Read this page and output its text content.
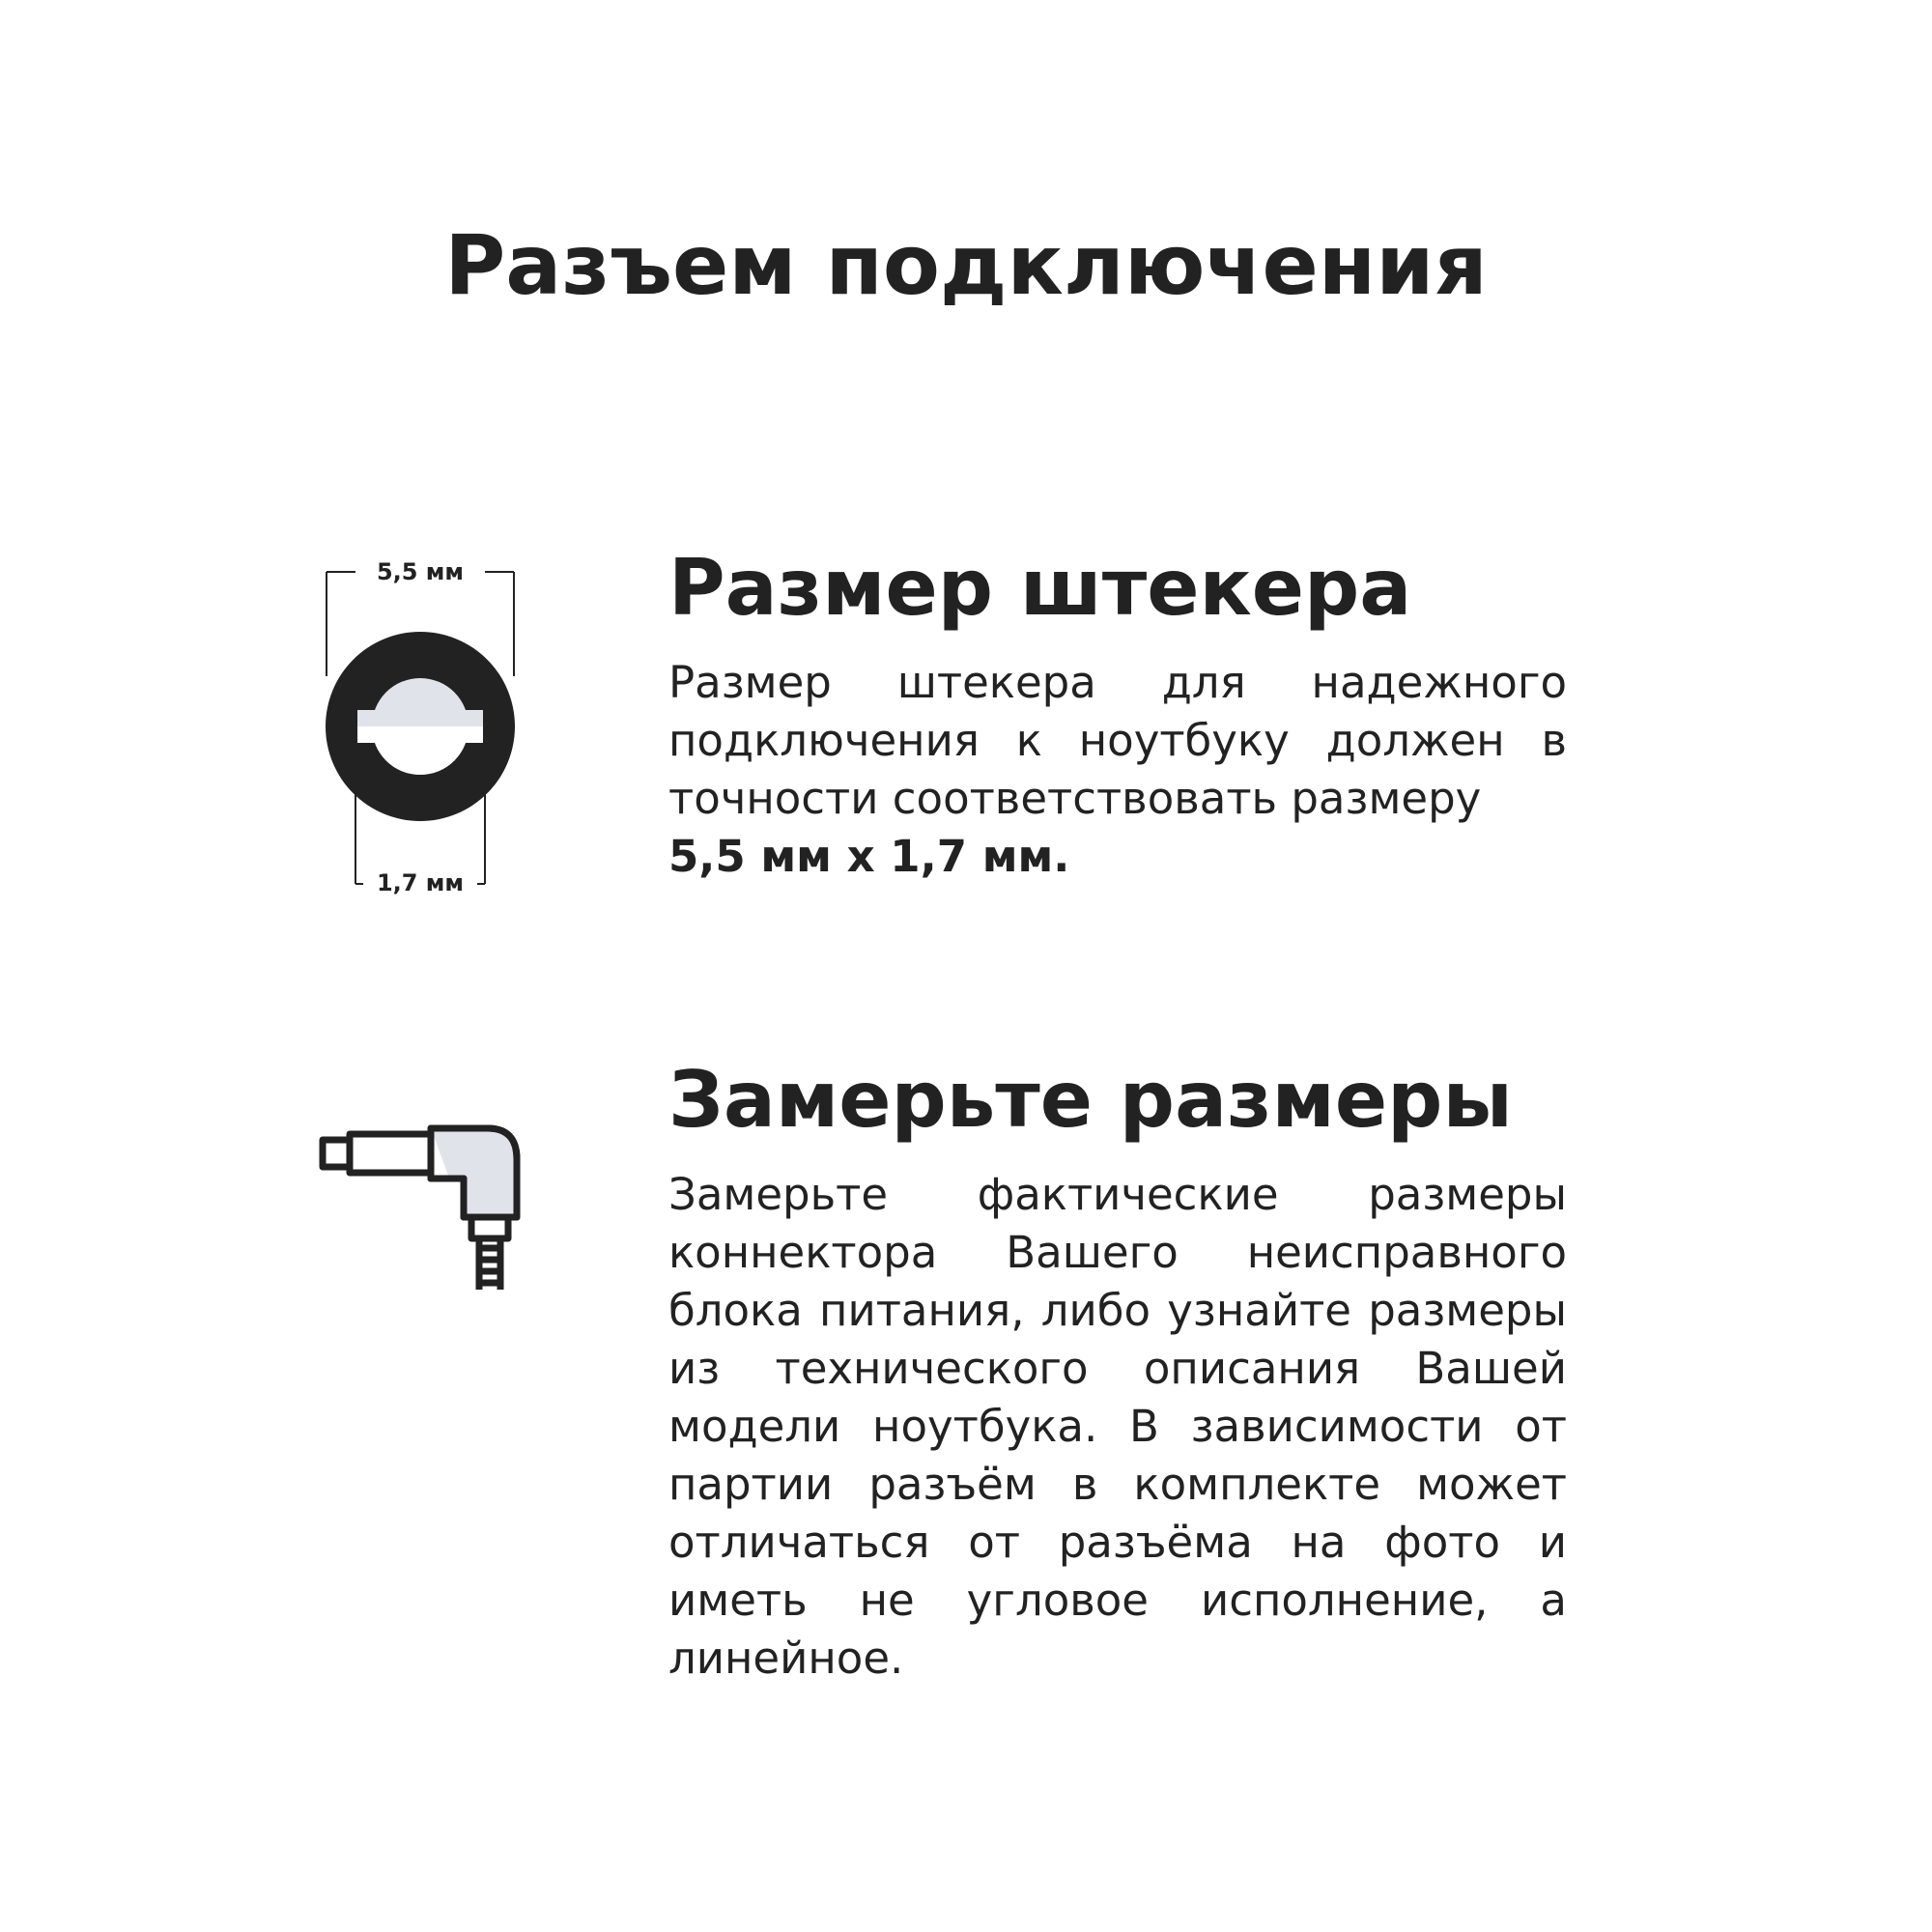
Разъем подключения
5,5 мм
1,7 мм
Размер штекера

Размер штекера для надежного подключения к ноутбуку должен в точности соответствовать размеру
5,5 мм х 1,7 мм.

Замерьте размеры

Замерьте фактические размеры коннектора Вашего неисправного блока питания, либо узнайте размеры из технического описания Вашей модели ноутбука. В зависимости от партии разъём в комплекте может отличаться от разъёма на фото и иметь не угловое исполнение, а линейное.
